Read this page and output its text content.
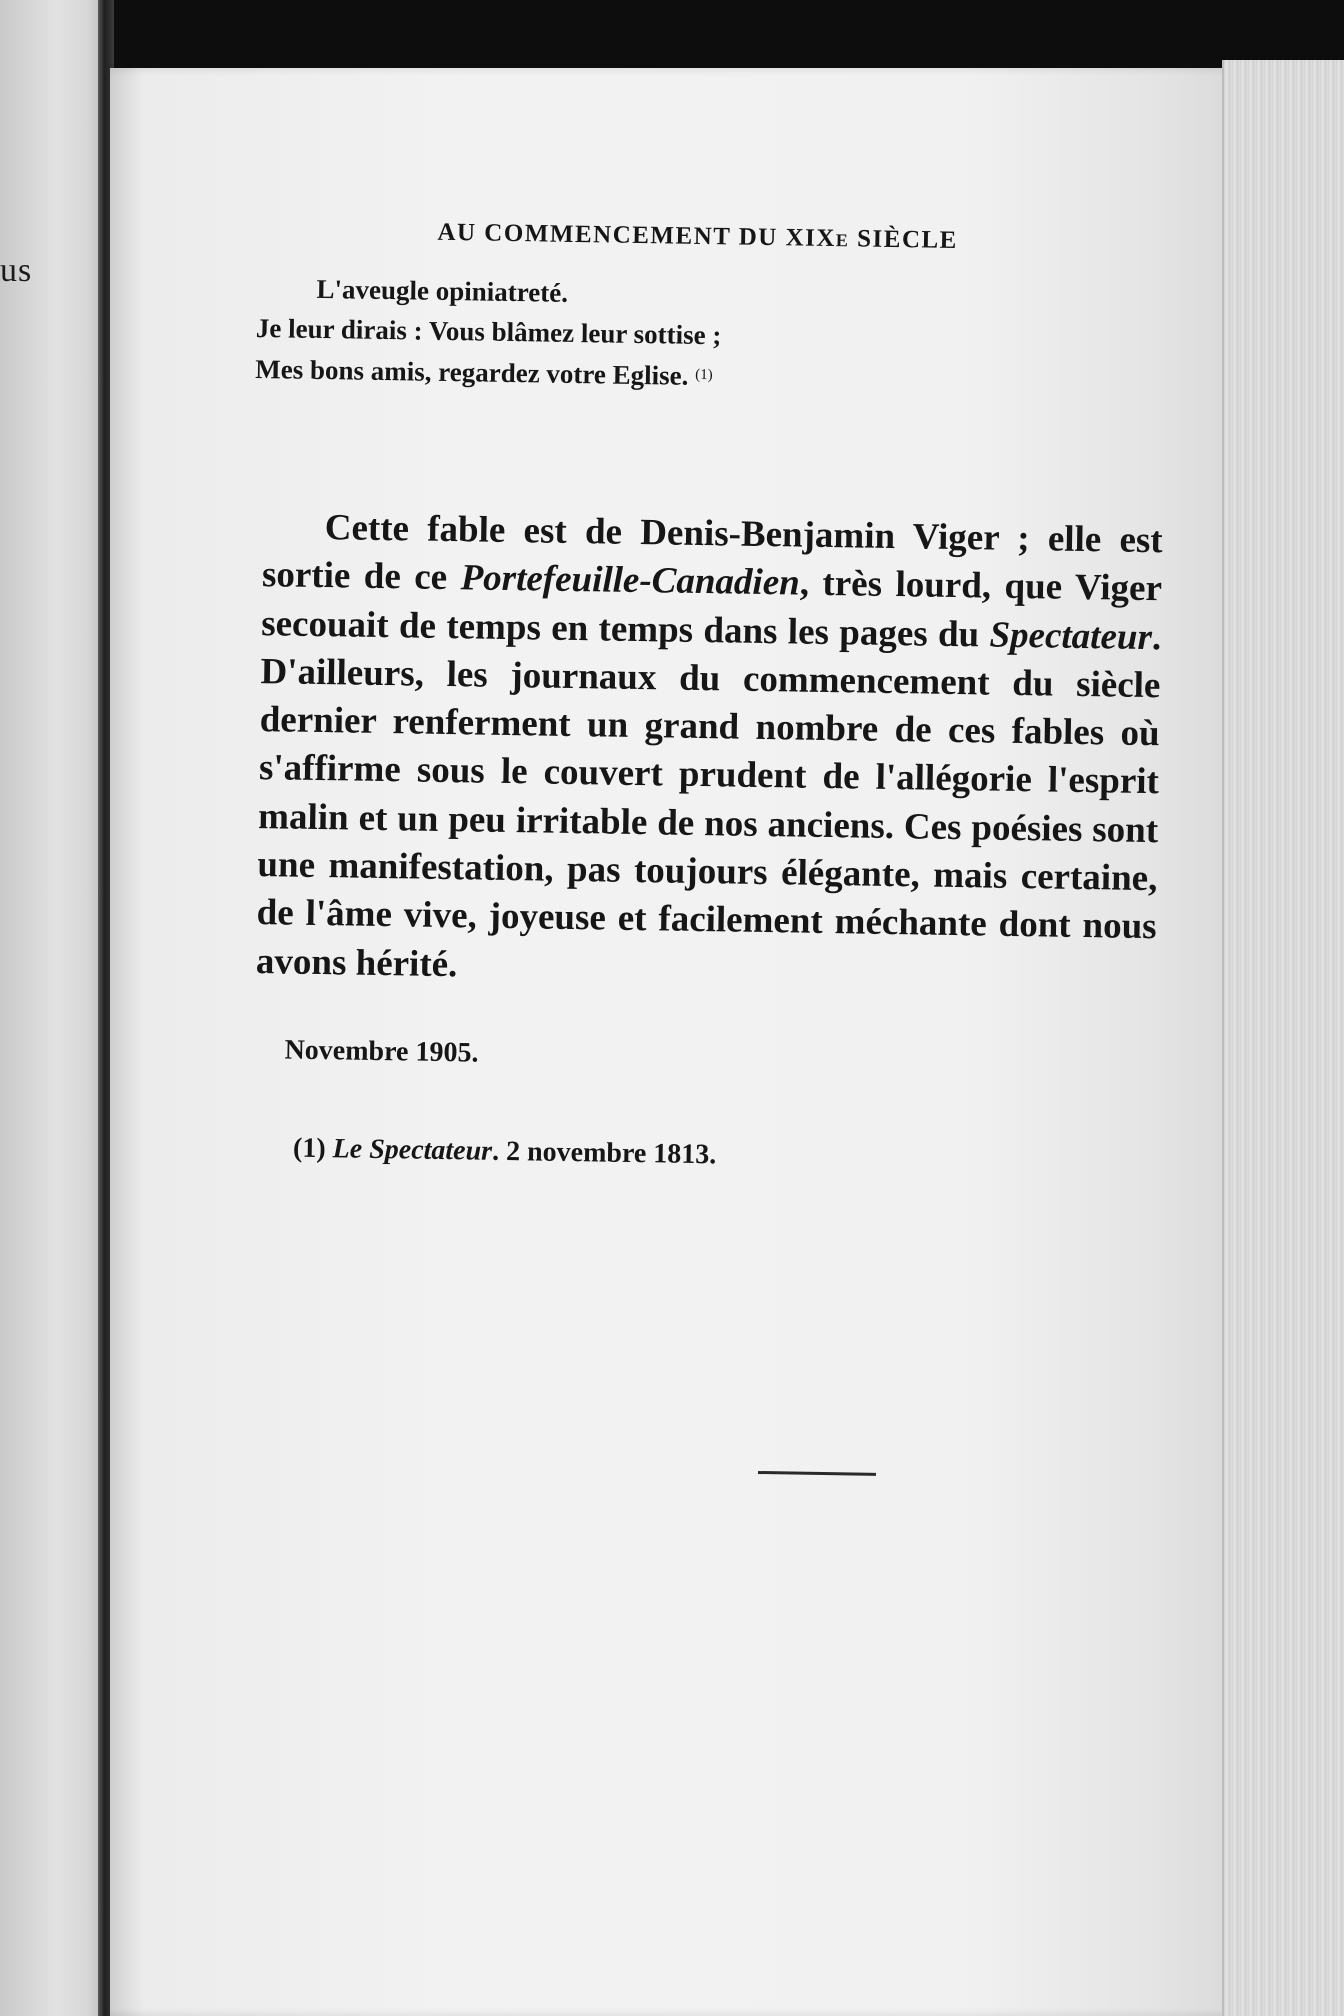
us
AU COMMENCEMENT DU XIXe SIÈCLE
L'aveugle opiniatreté.
Je leur dirais : Vous blâmez leur sottise ;
Mes bons amis, regardez votre Eglise. $^{(1)}$

Cette fable est de Denis-Benjamin Viger ; elle est sortie de ce Portefeuille-Canadien, très lourd, que Viger secouait de temps en temps dans les pages du Spectateur. D'ailleurs, les journaux du commencement du siècle dernier renferment un grand nombre de ces fables où s'affirme sous le couvert prudent de l'allégorie l'esprit malin et un peu irritable de nos anciens. Ces poésies sont une manifestation, pas toujours élégante, mais certaine, de l'âme vive, joyeuse et facilement méchante dont nous avons hérité.

Novembre 1905.
(1) Le Spectateur. 2 novembre 1813.
